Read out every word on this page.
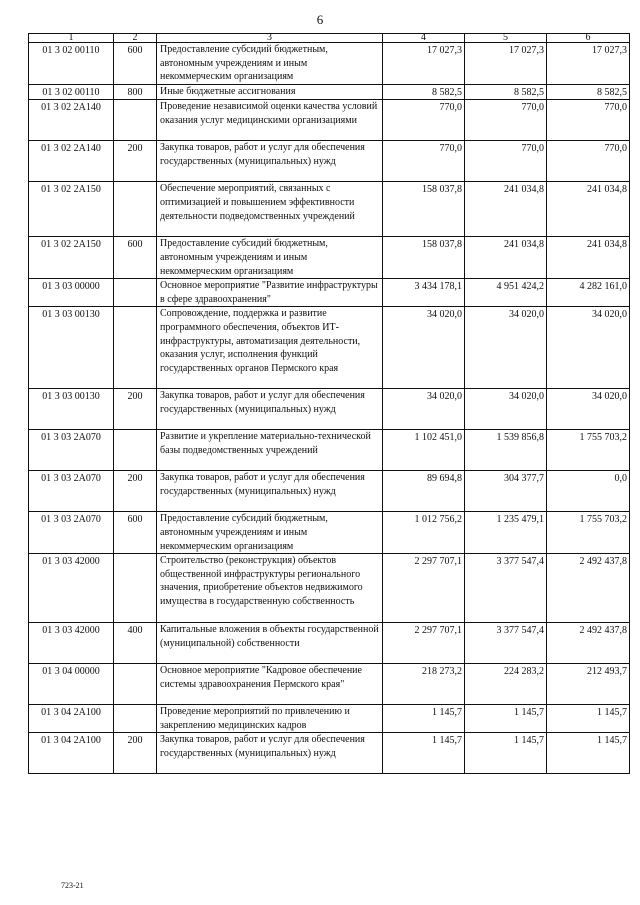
6
1	2	3	4	5	6
01 3 02 00110	600	Предоставление субсидий бюджетным, автономным учреждениям и иным некоммерческим организациям	17 027,3	17 027,3	17 027,3
01 3 02 00110	800	Иные бюджетные ассигнования	8 582,5	8 582,5	8 582,5
01 3 02 2А140		Проведение независимой оценки качества условий оказания услуг медицинскими организациями	770,0	770,0	770,0
01 3 02 2А140	200	Закупка товаров, работ и услуг для обеспечения государственных (муниципальных) нужд	770,0	770,0	770,0
01 3 02 2А150		Обеспечение мероприятий, связанных с оптимизацией и повышением эффективности деятельности подведомственных учреждений	158 037,8	241 034,8	241 034,8
01 3 02 2А150	600	Предоставление субсидий бюджетным, автономным учреждениям и иным некоммерческим организациям	158 037,8	241 034,8	241 034,8
01 3 03 00000		Основное мероприятие "Развитие инфраструктуры в сфере здравоохранения"	3 434 178,1	4 951 424,2	4 282 161,0
01 3 03 00130		Сопровождение, поддержка и развитие программного обеспечения, объектов ИТ-инфраструктуры, автоматизация деятельности, оказания услуг, исполнения функций государственных органов Пермского края	34 020,0	34 020,0	34 020,0
01 3 03 00130	200	Закупка товаров, работ и услуг для обеспечения государственных (муниципальных) нужд	34 020,0	34 020,0	34 020,0
01 3 03 2А070		Развитие и укрепление материально-технической базы подведомственных учреждений	1 102 451,0	1 539 856,8	1 755 703,2
01 3 03 2А070	200	Закупка товаров, работ и услуг для обеспечения государственных (муниципальных) нужд	89 694,8	304 377,7	0,0
01 3 03 2А070	600	Предоставление субсидий бюджетным, автономным учреждениям и иным некоммерческим организациям	1 012 756,2	1 235 479,1	1 755 703,2
01 3 03 42000		Строительство (реконструкция) объектов общественной инфраструктуры регионального значения, приобретение объектов недвижимого имущества в государственную собственность	2 297 707,1	3 377 547,4	2 492 437,8
01 3 03 42000	400	Капитальные вложения в объекты государственной (муниципальной) собственности	2 297 707,1	3 377 547,4	2 492 437,8
01 3 04 00000		Основное мероприятие "Кадровое обеспечение системы здравоохранения Пермского края"	218 273,2	224 283,2	212 493,7
01 3 04 2А100		Проведение мероприятий по привлечению и закреплению медицинских кадров	1 145,7	1 145,7	1 145,7
01 3 04 2А100	200	Закупка товаров, работ и услуг для обеспечения государственных (муниципальных) нужд	1 145,7	1 145,7	1 145,7
723-21
